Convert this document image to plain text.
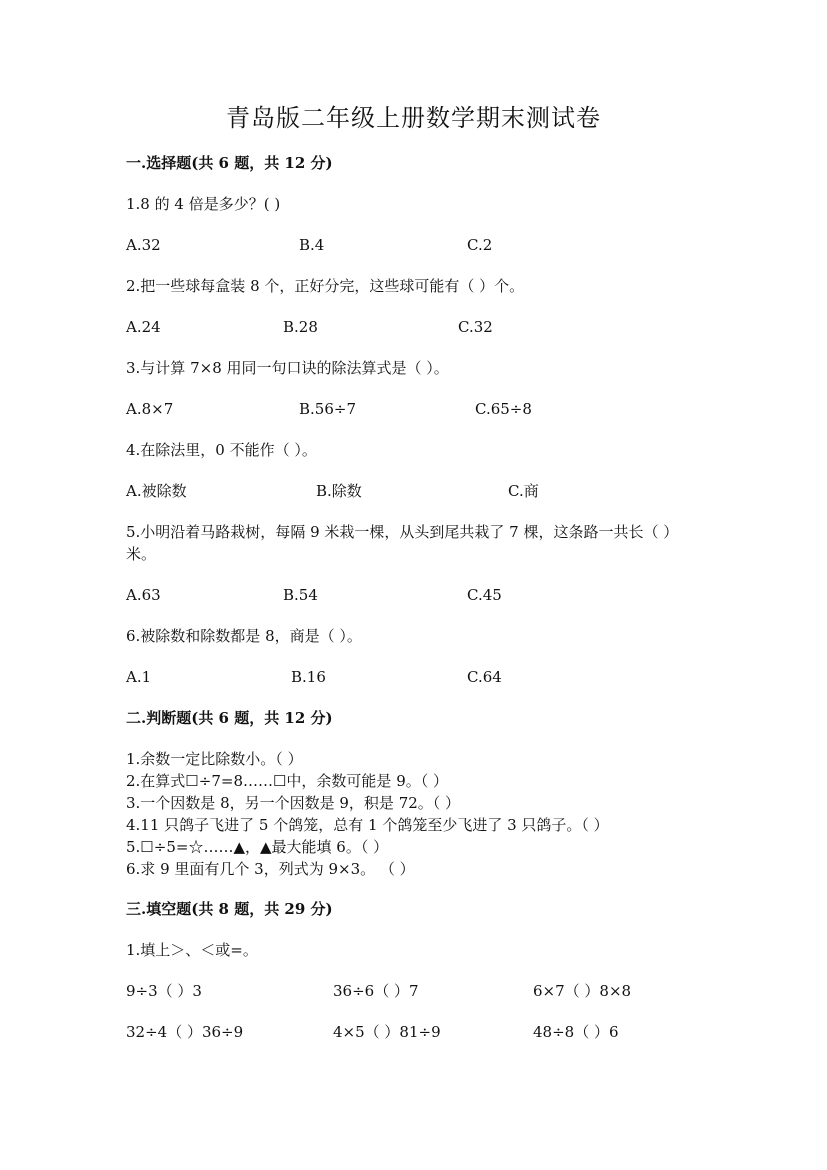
青岛版二年级上册数学期末测试卷
一.选择题(共 6 题，共 12 分)
1.8 的 4 倍是多少？( )
A.32	B.4	C.2
2.把一些球每盒装 8 个，正好分完，这些球可能有（ ）个。
A.24	B.28	C.32
3.与计算 7×8 用同一句口诀的除法算式是（ ）。
A.8×7	B.56÷7	C.65÷8
4.在除法里，0 不能作（ ）。
A.被除数	B.除数	C.商
5.小明沿着马路栽树，每隔 9 米栽一棵，从头到尾共栽了 7 棵，这条路一共长（ ）米。
A.63	B.54	C.45
6.被除数和除数都是 8，商是（ ）。
A.1	B.16	C.64
二.判断题(共 6 题，共 12 分)
1.余数一定比除数小。（ ）
2.在算式☐÷7=8……☐中，余数可能是 9。（ ）
3.一个因数是 8，另一个因数是 9，积是 72。（ ）
4.11 只鸽子飞进了 5 个鸽笼，总有 1 个鸽笼至少飞进了 3 只鸽子。（ ）
5.☐÷5=☆……▲，▲最大能填 6。（ ）
6.求 9 里面有几个 3，列式为 9×3。 （ ）
三.填空题(共 8 题，共 29 分)
1.填上＞、＜或=。
9÷3（ ）3	36÷6（ ）7	6×7（ ）8×8
32÷4（ ）36÷9	4×5（ ）81÷9	48÷8（ ）6
